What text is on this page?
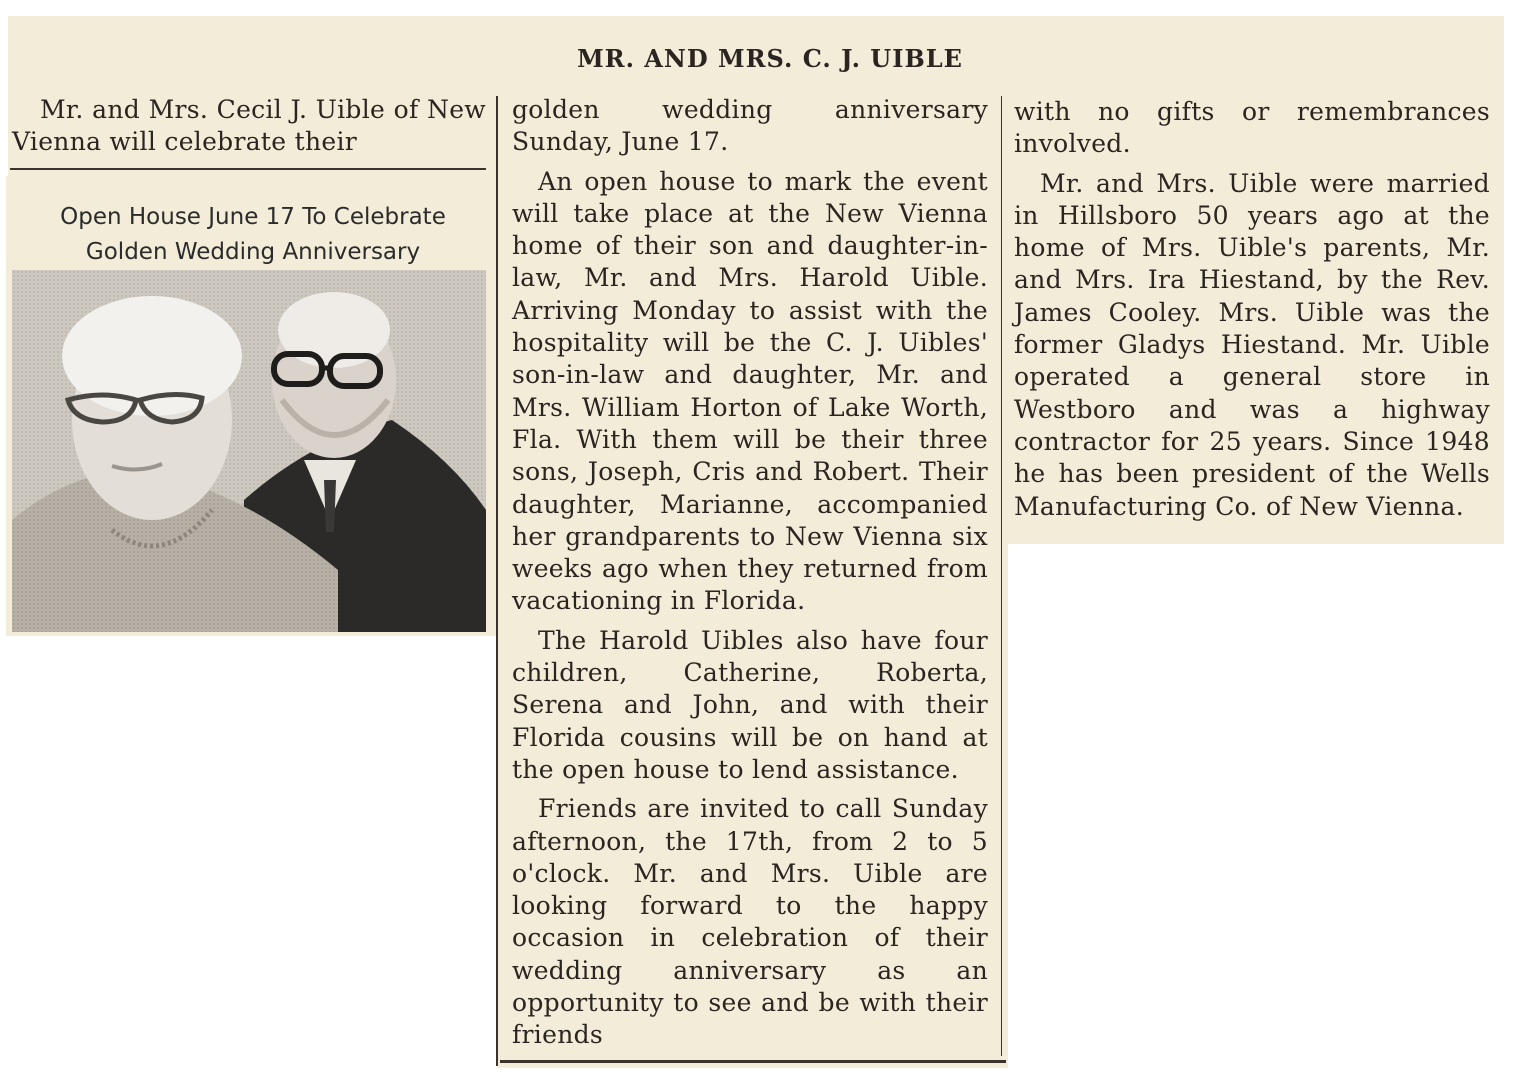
MR. AND MRS. C. J. UIBLE

Mr. and Mrs. Cecil J. Uible of New Vienna will celebrate their

Open House June 17 To Celebrate
Golden Wedding Anniversary

golden wedding anniversary Sunday, June 17.

An open house to mark the event will take place at the New Vienna home of their son and daughter-in-law, Mr. and Mrs. Harold Uible. Arriving Monday to assist with the hospitality will be the C. J. Uibles' son-in-law and daughter, Mr. and Mrs. William Horton of Lake Worth, Fla. With them will be their three sons, Joseph, Cris and Robert. Their daughter, Marianne, accompanied her grandparents to New Vienna six weeks ago when they returned from vacationing in Florida.

The Harold Uibles also have four children, Catherine, Roberta, Serena and John, and with their Florida cousins will be on hand at the open house to lend assistance.

Friends are invited to call Sunday afternoon, the 17th, from 2 to 5 o'clock. Mr. and Mrs. Uible are looking forward to the happy occasion in celebration of their wedding anniversary as an opportunity to see and be with their friends

with no gifts or remembrances involved.

Mr. and Mrs. Uible were married in Hillsboro 50 years ago at the home of Mrs. Uible's parents, Mr. and Mrs. Ira Hiestand, by the Rev. James Cooley. Mrs. Uible was the former Gladys Hiestand. Mr. Uible operated a general store in Westboro and was a highway contractor for 25 years. Since 1948 he has been president of the Wells Manufacturing Co. of New Vienna.
